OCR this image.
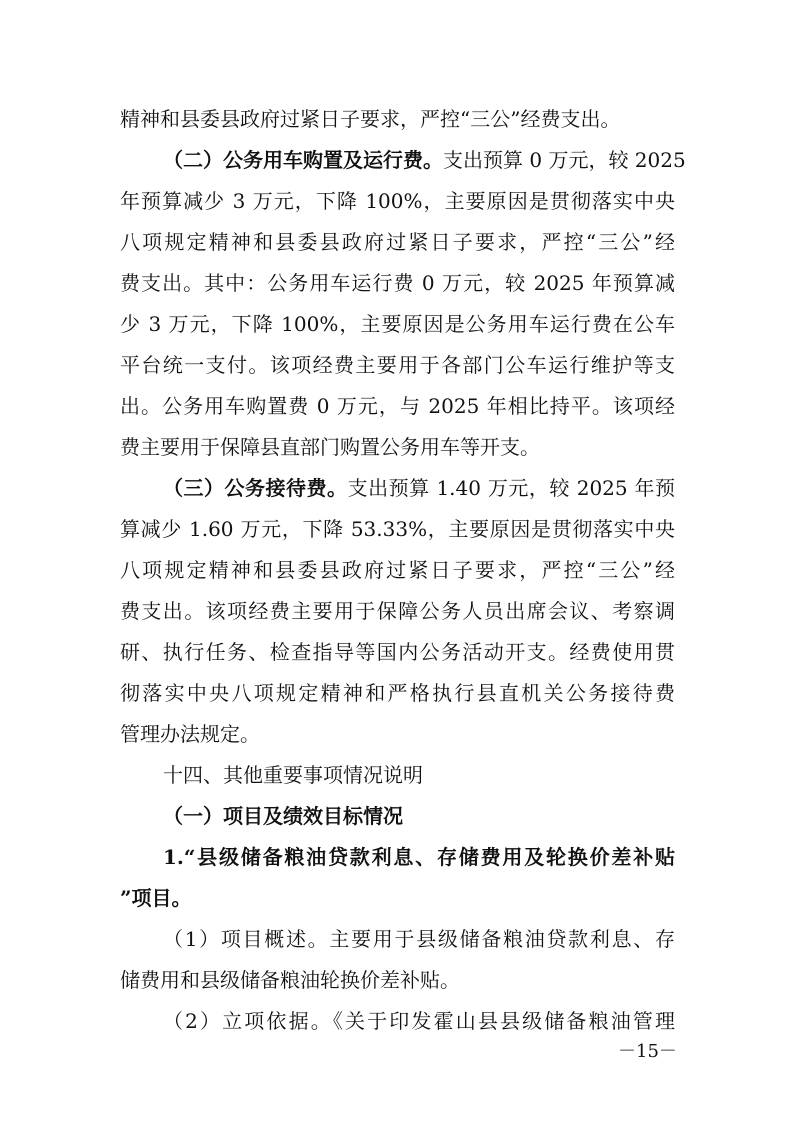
精神和县委县政府过紧日子要求，严控“三公”经费支出。
（二）公务用车购置及运行费。支出预算 0 万元，较 2025
年预算减少 3 万元，下降 100%，主要原因是贯彻落实中央
八项规定精神和县委县政府过紧日子要求，严控“三公”经
费支出。其中：公务用车运行费 0 万元，较 2025 年预算减
少 3 万元，下降 100%，主要原因是公务用车运行费在公车
平台统一支付。该项经费主要用于各部门公车运行维护等支
出。公务用车购置费 0 万元，与 2025 年相比持平。该项经
费主要用于保障县直部门购置公务用车等开支。
（三）公务接待费。支出预算 1.40 万元，较 2025 年预
算减少 1.60 万元，下降 53.33%，主要原因是贯彻落实中央
八项规定精神和县委县政府过紧日子要求，严控“三公”经
费支出。该项经费主要用于保障公务人员出席会议、考察调
研、执行任务、检查指导等国内公务活动开支。经费使用贯
彻落实中央八项规定精神和严格执行县直机关公务接待费
管理办法规定。
十四、其他重要事项情况说明
（一）项目及绩效目标情况
1.“县级储备粮油贷款利息、存储费用及轮换价差补贴
”项目。
（1）项目概述。主要用于县级储备粮油贷款利息、存
储费用和县级储备粮油轮换价差补贴。
（2）立项依据。《关于印发霍山县县级储备粮油管理
－15－
